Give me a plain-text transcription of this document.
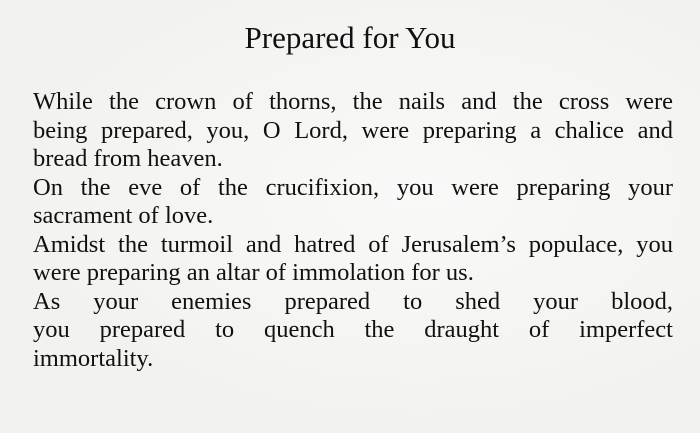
Prepared for You

While the crown of thorns, the nails and the cross were
being prepared, you, O Lord, were preparing a chalice and
bread from heaven.

On the eve of the crucifixion, you were preparing your
sacrament of love.

Amidst the turmoil and hatred of Jerusalem’s populace, you
were preparing an altar of immolation for us.

As your enemies prepared to shed your blood,
you prepared to quench the draught of imperfect
immortality.
